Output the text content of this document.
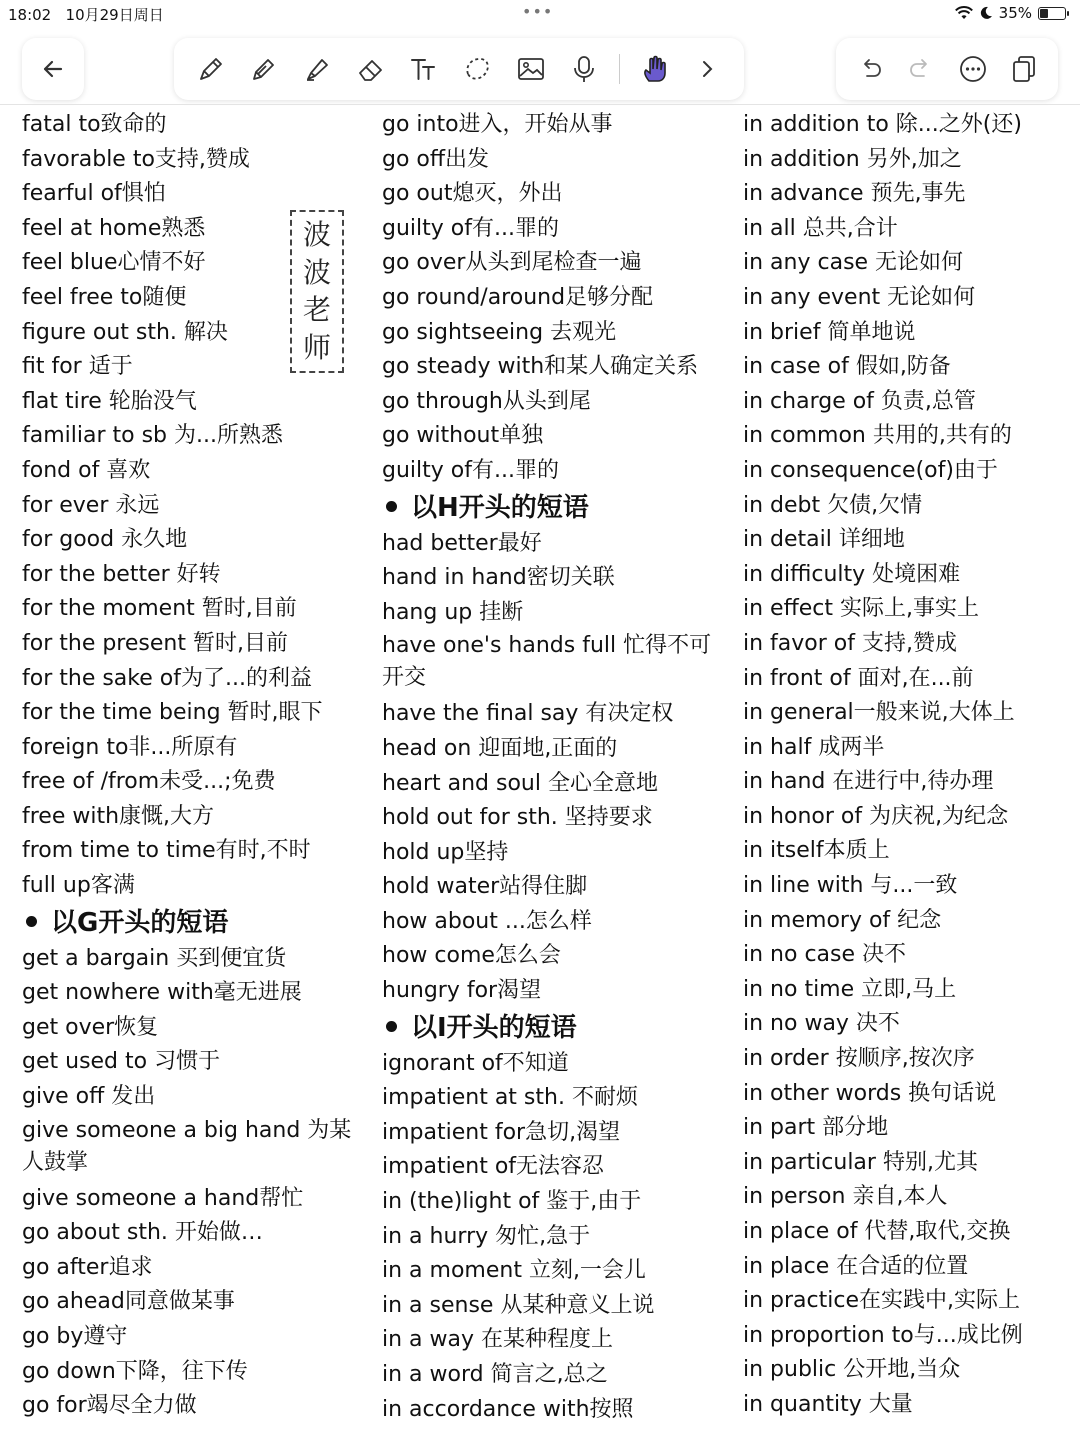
18:02 10月29日周日	•••	35%
fatal to致命的
favorable to支持,赞成
fearful of惧怕
feel at home熟悉
feel blue心情不好
feel free to随便
figure out sth. 解决
fit for 适于
flat tire 轮胎没气
familiar to sb 为...所熟悉
fond of 喜欢
for ever 永远
for good 永久地
for the better 好转
for the moment 暂时,目前
for the present 暂时,目前
for the sake of为了...的利益
for the time being 暂时,眼下
foreign to非...所原有
free of /from未受...;免费
free with康慨,大方
from time to time有时,不时
full up客满
以G开头的短语
get a bargain 买到便宜货
get nowhere with毫无进展
get over恢复
get used to 习惯于
give off 发出
give someone a big hand 为某人鼓掌
give someone a hand帮忙
go about sth. 开始做…
go after追求
go ahead同意做某事
go by遵守
go down下降，往下传
go for竭尽全力做
go into进入，开始从事
go off出发
go out熄灭，外出
guilty of有...罪的
go over从头到尾检查一遍
go round/around足够分配
go sightseeing 去观光
go steady with和某人确定关系
go through从头到尾
go without单独
guilty of有...罪的
以H开头的短语
had better最好
hand in hand密切关联
hang up 挂断
have one's hands full 忙得不可开交
have the final say 有决定权
head on 迎面地,正面的
heart and soul 全心全意地
hold out for sth. 坚持要求
hold up坚持
hold water站得住脚
how about ...怎么样
how come怎么会
hungry for渴望
以I开头的短语
ignorant of不知道
impatient at sth. 不耐烦
impatient for急切,渴望
impatient of无法容忍
in (the)light of 鉴于,由于
in a hurry 匆忙,急于
in a moment 立刻,一会儿
in a sense 从某种意义上说
in a way 在某种程度上
in a word 简言之,总之
in accordance with按照
in addition to 除...之外(还)
in addition 另外,加之
in advance 预先,事先
in all 总共,合计
in any case 无论如何
in any event 无论如何
in brief 简单地说
in case of 假如,防备
in charge of 负责,总管
in common 共用的,共有的
in consequence(of)由于
in debt 欠债,欠情
in detail 详细地
in difficulty 处境困难
in effect 实际上,事实上
in favor of 支持,赞成
in front of 面对,在...前
in general一般来说,大体上
in half 成两半
in hand 在进行中,待办理
in honor of 为庆祝,为纪念
in itself本质上
in line with 与...一致
in memory of 纪念
in no case 决不
in no time 立即,马上
in no way 决不
in order 按顺序,按次序
in other words 换句话说
in part 部分地
in particular 特别,尤其
in person 亲自,本人
in place of 代替,取代,交换
in place 在合适的位置
in practice在实践中,实际上
in proportion to与...成比例
in public 公开地,当众
in quantity 大量
波
波
老
师
